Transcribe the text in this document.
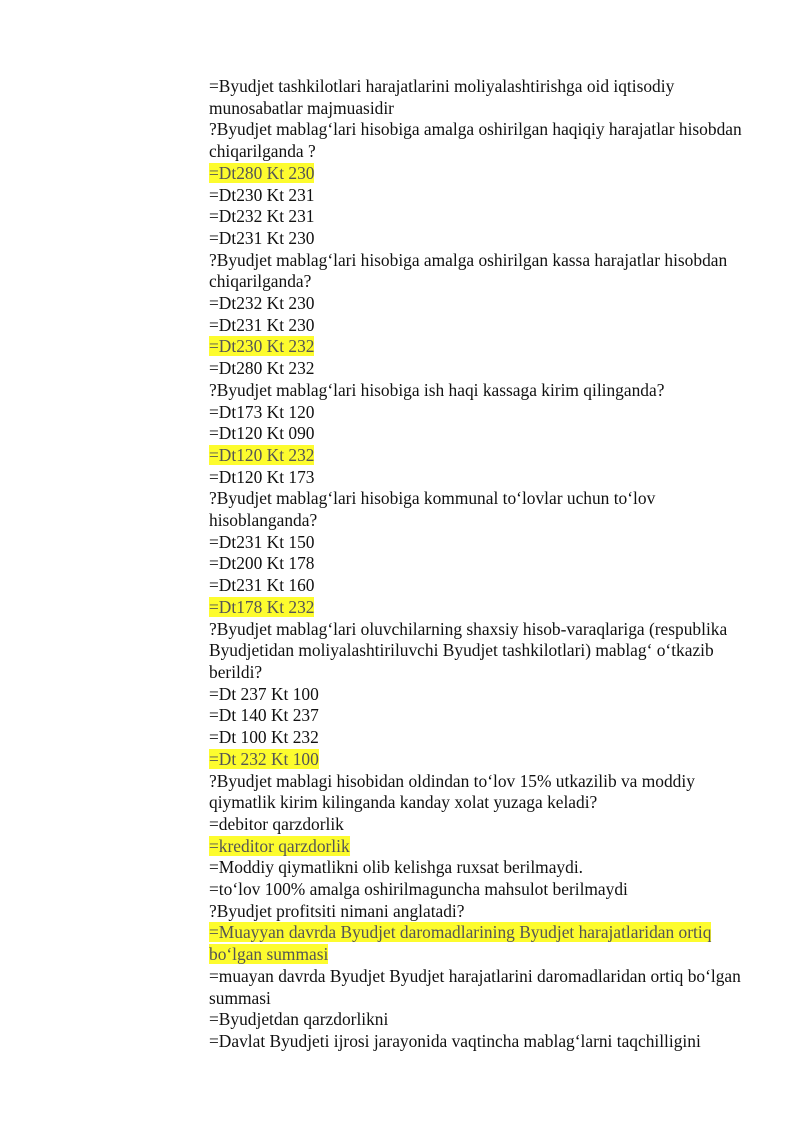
=Byudjet tashkilotlari harajatlarini moliyalashtirishga oid iqtisodiy munosabatlar majmuasidir
?Byudjet mablag‘lari hisobiga amalga oshirilgan haqiqiy harajatlar hisobdan chiqarilganda ?
=Dt280 Kt 230
=Dt230 Kt 231
=Dt232 Kt 231
=Dt231 Kt 230
?Byudjet mablag‘lari hisobiga amalga oshirilgan kassa harajatlar hisobdan chiqarilganda?
=Dt232 Kt 230
=Dt231 Kt 230
=Dt230 Kt 232
=Dt280 Kt 232
?Byudjet mablag‘lari hisobiga ish haqi kassaga kirim qilinganda?
=Dt173 Kt 120
=Dt120 Kt 090
=Dt120 Kt 232
=Dt120 Kt 173
?Byudjet mablag‘lari hisobiga kommunal to‘lovlar uchun to‘lov hisoblanganda?
=Dt231 Kt 150
=Dt200 Kt 178
=Dt231 Kt 160
=Dt178 Kt 232
?Byudjet mablag‘lari oluvchilarning shaxsiy hisob-varaqlariga (respublika Byudjetidan moliyalashtiriluvchi Byudjet tashkilotlari) mablag‘ o‘tkazib berildi?
=Dt 237 Kt 100
=Dt 140 Kt 237
=Dt 100 Kt 232
=Dt 232 Kt 100
?Byudjet mablagi hisobidan oldindan to‘lov 15% utkazilib va moddiy qiymatlik kirim kilinganda kanday xolat yuzaga keladi?
=debitor qarzdorlik
=kreditor qarzdorlik
=Moddiy qiymatlikni olib kelishga ruxsat berilmaydi.
=to‘lov 100% amalga oshirilmaguncha mahsulot berilmaydi
?Byudjet profitsiti nimani anglatadi?
=Muayyan davrda Byudjet daromadlarining Byudjet harajatlaridan ortiq bo‘lgan summasi
=muayan davrda Byudjet Byudjet harajatlarini daromadlaridan ortiq bo‘lgan summasi
=Byudjetdan qarzdorlikni
=Davlat Byudjeti ijrosi jarayonida vaqtincha mablag‘larni taqchilligini
